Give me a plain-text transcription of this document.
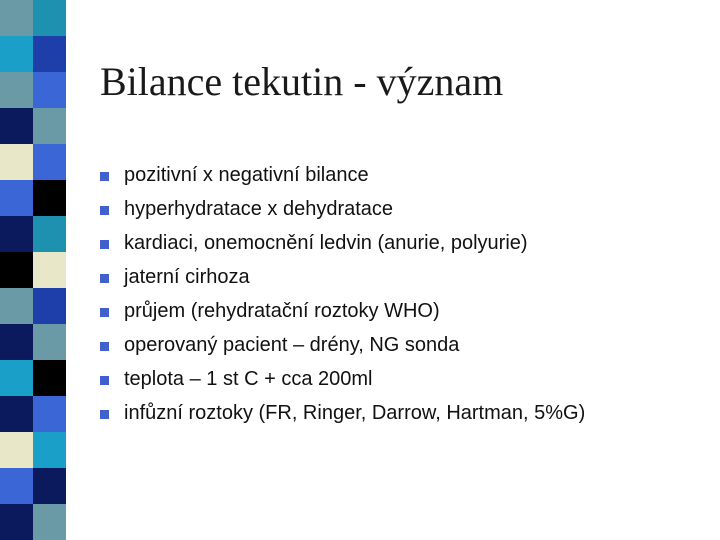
Bilance tekutin - význam
pozitivní x negativní bilance
hyperhydratace x dehydratace
kardiaci, onemocnění ledvin (anurie, polyurie)
jaterní cirhoza
průjem (rehydratační roztoky WHO)
operovaný pacient – drény, NG sonda
teplota – 1 st C + cca 200ml
infůzní roztoky (FR, Ringer, Darrow, Hartman, 5%G)
